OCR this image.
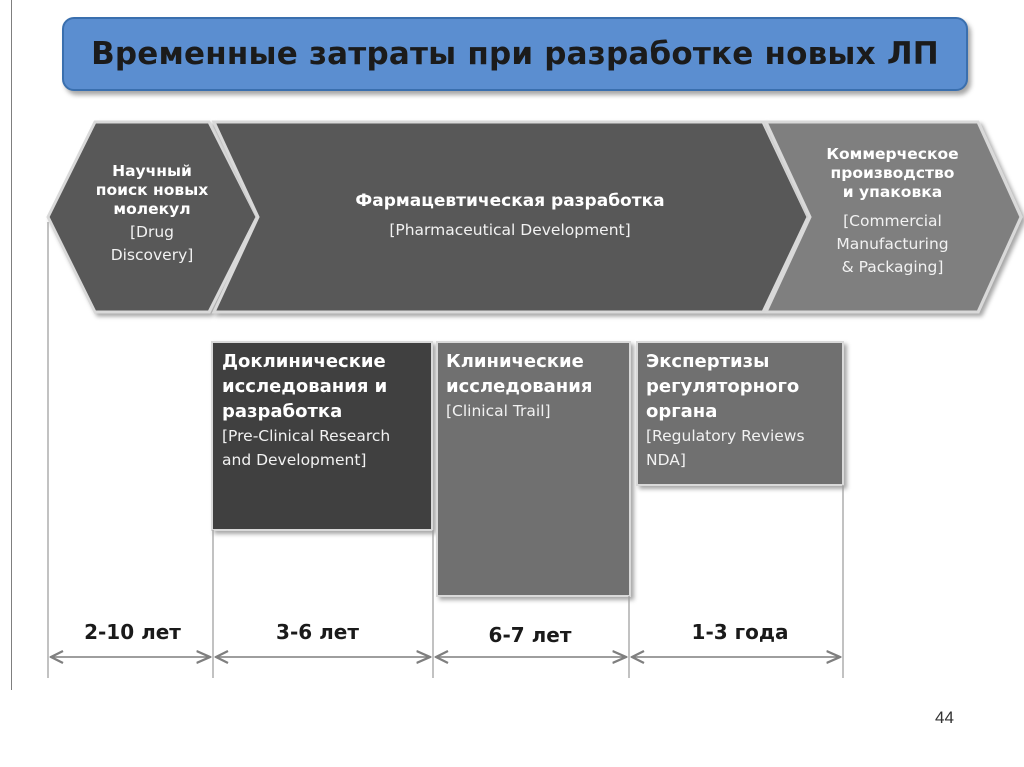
Временные затраты при разработке новых ЛП
Научный
поиск новых
молекул
[Drug
Discovery]
Фармацевтическая разработка
[Pharmaceutical Development]
Коммерческое
производство
и упаковка
[Commercial
Manufacturing
& Packaging]
Доклинические
исследования и
разработка
[Pre-Clinical Research
and Development]
Клинические
исследования
[Clinical Trail]
Экспертизы
регуляторного
органа
[Regulatory Reviews
NDA]
2-10 лет	3-6 лет	6-7 лет	1-3 года
44
